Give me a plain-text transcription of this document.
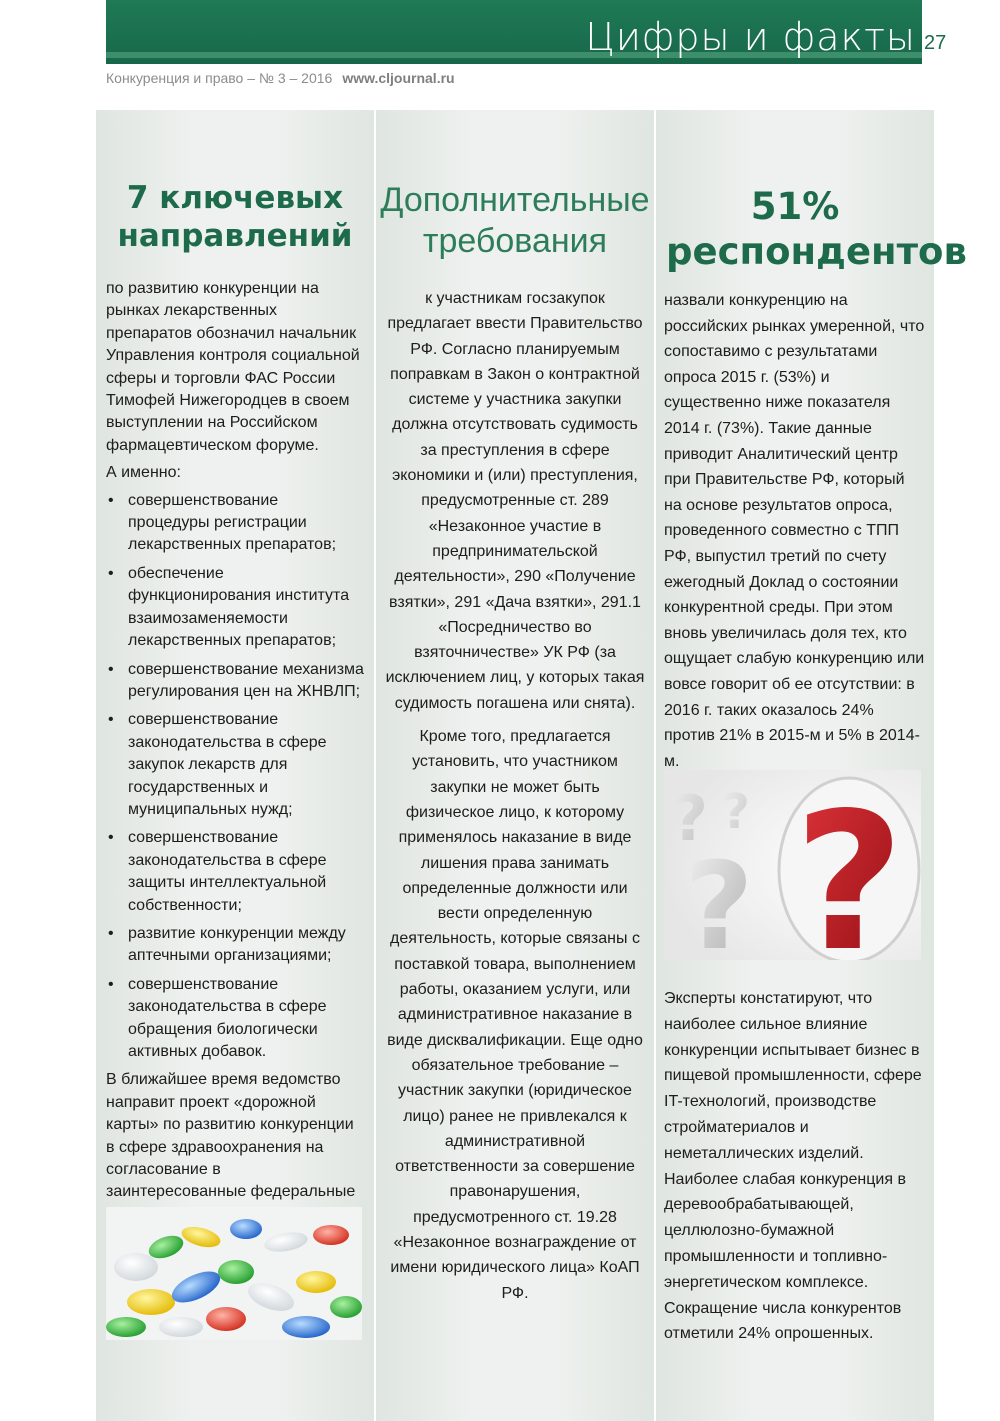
Цифры и факты 27
Конкуренция и право – № 3 – 2016 www.cljournal.ru
7 ключевых направлений

по развитию конкуренции на рынках лекарственных препаратов обозначил начальник Управления контроля социальной сферы и торговли ФАС России Тимофей Нижегородцев в своем выступлении на Российском фармацевтическом форуме.

А именно:

• совершенствование процедуры регистрации лекарственных препаратов;
• обеспечение функционирования института взаимозаменяемости лекарственных препаратов;
• совершенствование механизма регулирования цен на ЖНВЛП;
• совершенствование законодательства в сфере закупок лекарств для государственных и муниципальных нужд;
• совершенствование законодательства в сфере защиты интеллектуальной собственности;
• развитие конкуренции между аптечными организациями;
• совершенствование законодательства в сфере обращения биологически активных добавок.

В ближайшее время ведомство направит проект «дорожной карты» по развитию конкуренции в сфере здравоохранения на согласование в заинтересованные федеральные

Дополнительные требования

к участникам госзакупок предлагает ввести Правительство РФ. Согласно планируемым поправкам в Закон о контрактной системе у участника закупки должна отсутствовать судимость за преступления в сфере экономики и (или) преступления, предусмотренные ст. 289 «Незаконное участие в предпринимательской деятельности», 290 «Получение взятки», 291 «Дача взятки», 291.1 «Посредничество во взяточничестве» УК РФ (за исключением лиц, у которых такая судимость погашена или снята).

Кроме того, предлагается установить, что участником закупки не может быть физическое лицо, к которому применялось наказание в виде лишения права занимать определенные должности или вести определенную деятельность, которые связаны с поставкой товара, выполнением работы, оказанием услуги, или административное наказание в виде дисквалификации. Еще одно обязательное требование – участник закупки (юридическое лицо) ранее не привлекался к административной ответственности за совершение правонарушения, предусмотренного ст. 19.28 «Незаконное вознаграждение от имени юридического лица» КоАП РФ.

51%
респондентов

назвали конкуренцию на российских рынках умеренной, что сопоставимо с результатами опроса 2015 г. (53%) и существенно ниже показателя 2014 г. (73%). Такие данные приводит Аналитический центр при Правительстве РФ, который на основе результатов опроса, проведенного совместно с ТПП РФ, выпустил третий по счету ежегодный Доклад о состоянии конкурентной среды. При этом вновь увеличилась доля тех, кто ощущает слабую конкуренцию или вовсе говорит об ее отсутствии: в 2016 г. таких оказалось 24% против 21% в 2015-м и 5% в 2014-м.

Эксперты констатируют, что наиболее сильное влияние конкуренции испытывает бизнес в пищевой промышленности, сфере IT-технологий, производстве стройматериалов и неметаллических изделий. Наиболее слабая конкуренция в деревообрабатывающей, целлюлозно-бумажной промышленности и топливно-энергетическом комплексе. Сокращение числа конкурентов отметили 24% опрошенных.

? ?
? ?
